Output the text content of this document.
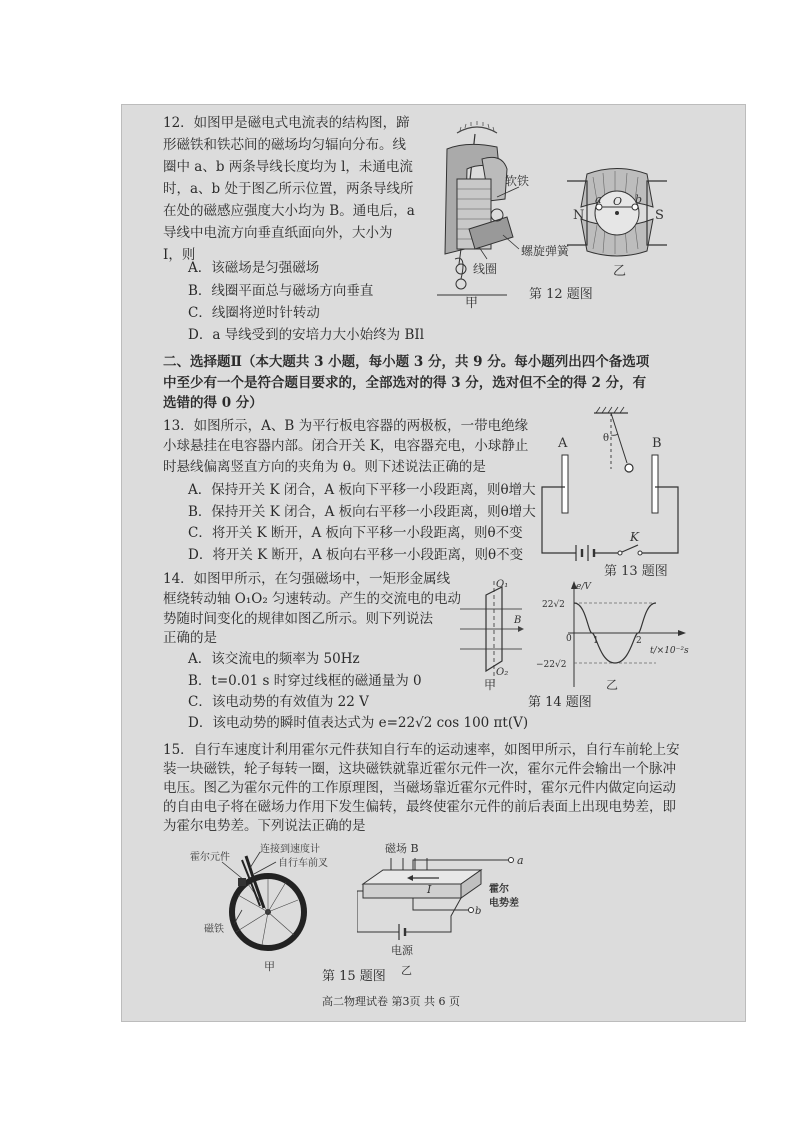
12．如图甲是磁电式电流表的结构图，蹄
形磁铁和铁芯间的磁场均匀辐向分布。线
圈中 a、b 两条导线长度均为 l，未通电流
时，a、b 处于图乙所示位置，两条导线所
在处的磁感应强度大小均为 B。通电后，a
导线中电流方向垂直纸面向外，大小为
I，则
A．该磁场是匀强磁场
B．线圈平面总与磁场方向垂直
C．线圈将逆时针转动
D．a 导线受到的安培力大小始终为 BIl
软铁
螺旋弹簧
线圈
甲
N	S
a	b
O
乙
第 12 题图
二、选择题Ⅱ（本大题共 3 小题，每小题 3 分，共 9 分。每小题列出四个备选项
中至少有一个是符合题目要求的，全部选对的得 3 分，选对但不全的得 2 分，有
选错的得 0 分）
13．如图所示，A、B 为平行板电容器的两极板，一带电绝缘
小球悬挂在电容器内部。闭合开关 K，电容器充电，小球静止
时悬线偏离竖直方向的夹角为 θ。则下述说法正确的是
A．保持开关 K 闭合，A 板向下平移一小段距离，则θ增大
B．保持开关 K 闭合，A 板向右平移一小段距离，则θ增大
C．将开关 K 断开，A 板向下平移一小段距离，则θ不变
D．将开关 K 断开，A 板向右平移一小段距离，则θ不变
θ
A	B
K
第 13 题图
14．如图甲所示，在匀强磁场中，一矩形金属线
框绕转动轴 O₁O₂ 匀速转动。产生的交流电的电动
势随时间变化的规律如图乙所示。则下列说法
正确的是
A．该交流电的频率为 50Hz
B．t=0.01 s 时穿过线框的磁通量为 0
C．该电动势的有效值为 22 V
D．该电动势的瞬时值表达式为 e=22√2 cos 100 πt(V)
O₁
O₂
B
甲
e/V
22√2
−22√2
0 1	2
t/×10⁻²s
乙
第 14 题图
15．自行车速度计利用霍尔元件获知自行车的运动速率，如图甲所示，自行车前轮上安
装一块磁铁，轮子每转一圈，这块磁铁就靠近霍尔元件一次，霍尔元件会输出一个脉冲
电压。图乙为霍尔元件的工作原理图，当磁场靠近霍尔元件时，霍尔元件内做定向运动
的自由电子将在磁场力作用下发生偏转，最终使霍尔元件的前后表面上出现电势差，即
为霍尔电势差。下列说法正确的是
霍尔元件
连接到速度计
自行车前叉
磁铁
甲
磁场 B
I
a
b
霍尔
电势差
电源
乙
第 15 题图
高二物理试卷 第3页 共 6 页
